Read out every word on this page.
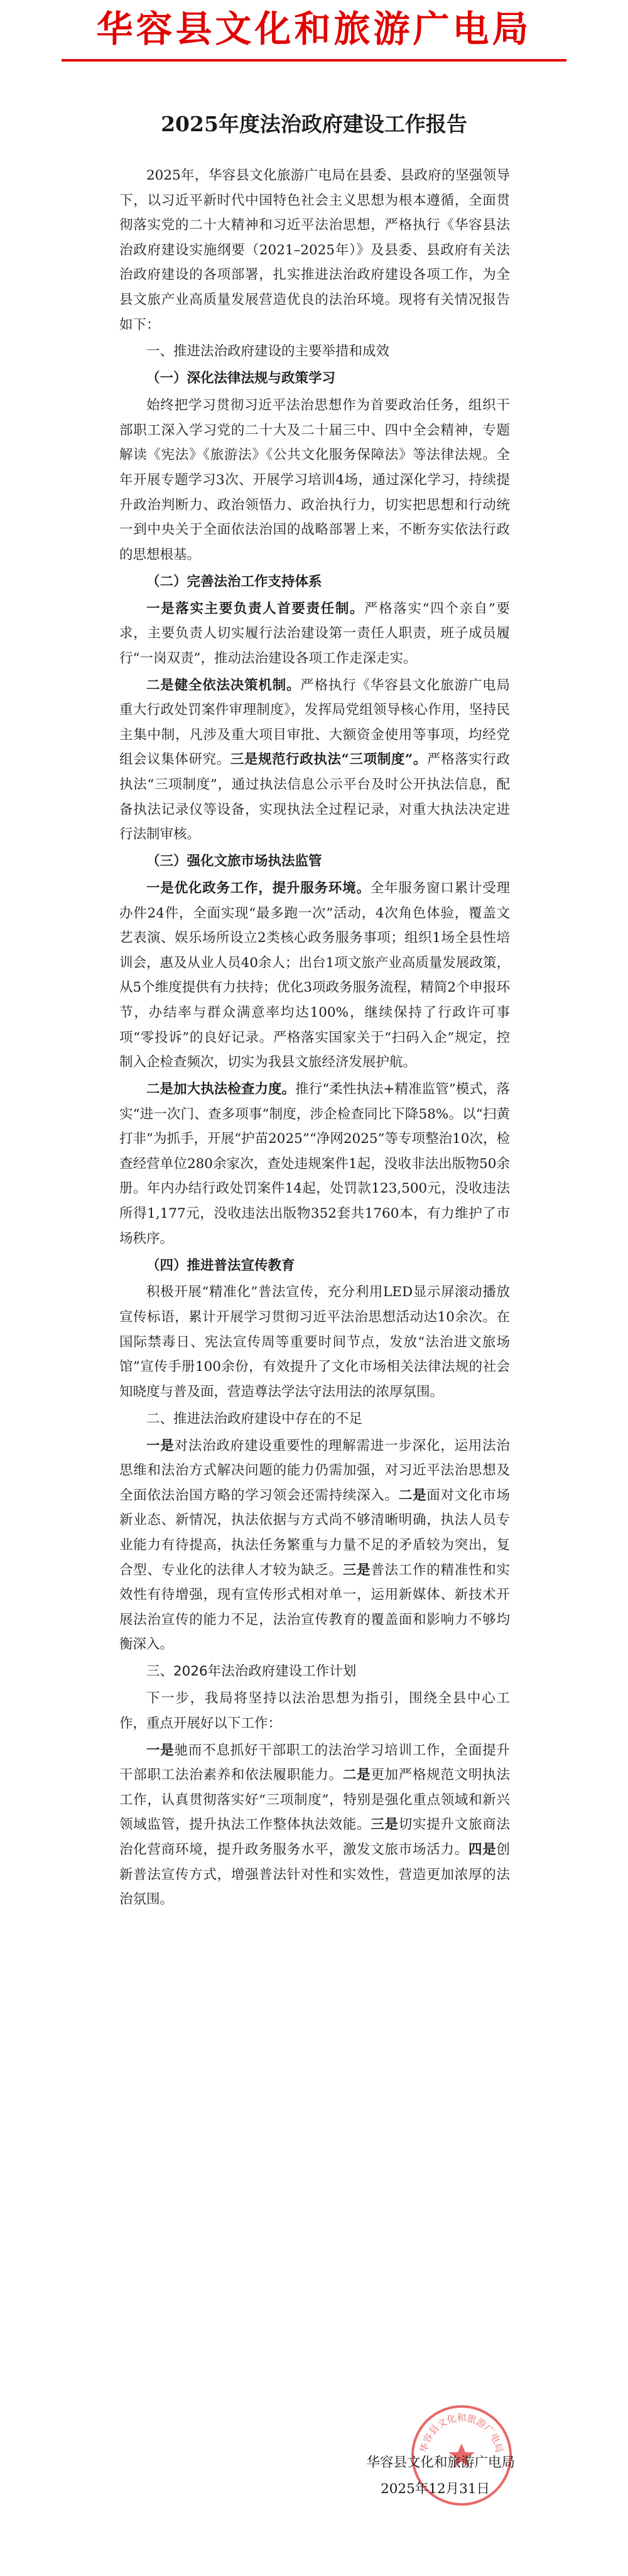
华容县文化和旅游广电局
2025年度法治政府建设工作报告

2025年，华容县文化旅游广电局在县委、县政府的坚强领导下，以习近平新时代中国特色社会主义思想为根本遵循，全面贯彻落实党的二十大精神和习近平法治思想，严格执行《华容县法治政府建设实施纲要（2021–2025年）》及县委、县政府有关法治政府建设的各项部署，扎实推进法治政府建设各项工作，为全县文旅产业高质量发展营造优良的法治环境。现将有关情况报告如下：

一、推进法治政府建设的主要举措和成效

（一）深化法律法规与政策学习

始终把学习贯彻习近平法治思想作为首要政治任务，组织干部职工深入学习党的二十大及二十届三中、四中全会精神，专题解读《宪法》《旅游法》《公共文化服务保障法》等法律法规。全年开展专题学习3次、开展学习培训4场，通过深化学习，持续提升政治判断力、政治领悟力、政治执行力，切实把思想和行动统一到中央关于全面依法治国的战略部署上来，不断夯实依法行政的思想根基。

（二）完善法治工作支持体系

一是落实主要负责人首要责任制。严格落实“四个亲自”要求，主要负责人切实履行法治建设第一责任人职责，班子成员履行“一岗双责”，推动法治建设各项工作走深走实。

二是健全依法决策机制。严格执行《华容县文化旅游广电局重大行政处罚案件审理制度》，发挥局党组领导核心作用，坚持民主集中制，凡涉及重大项目审批、大额资金使用等事项，均经党组会议集体研究。三是规范行政执法“三项制度”。严格落实行政执法“三项制度”，通过执法信息公示平台及时公开执法信息，配备执法记录仪等设备，实现执法全过程记录，对重大执法决定进行法制审核。

（三）强化文旅市场执法监管

一是优化政务工作，提升服务环境。全年服务窗口累计受理办件24件，全面实现“最多跑一次”活动，4次角色体验，覆盖文艺表演、娱乐场所设立2类核心政务服务事项；组织1场全县性培训会，惠及从业人员40余人；出台1项文旅产业高质量发展政策，从5个维度提供有力扶持；优化3项政务服务流程，精简2个申报环节，办结率与群众满意率均达100%，继续保持了行政许可事项“零投诉”的良好记录。严格落实国家关于“扫码入企”规定，控制入企检查频次，切实为我县文旅经济发展护航。

二是加大执法检查力度。推行“柔性执法+精准监管”模式，落实“进一次门、查多项事”制度，涉企检查同比下降58%。以“扫黄打非”为抓手，开展“护苗2025”“净网2025”等专项整治10次，检查经营单位280余家次，查处违规案件1起，没收非法出版物50余册。年内办结行政处罚案件14起，处罚款123,500元，没收违法所得1,177元，没收违法出版物352套共1760本，有力维护了市场秩序。

（四）推进普法宣传教育

积极开展“精准化”普法宣传，充分利用LED显示屏滚动播放宣传标语，累计开展学习贯彻习近平法治思想活动达10余次。在国际禁毒日、宪法宣传周等重要时间节点，发放“法治进文旅场馆”宣传手册100余份，有效提升了文化市场相关法律法规的社会知晓度与普及面，营造尊法学法守法用法的浓厚氛围。

二、推进法治政府建设中存在的不足

一是对法治政府建设重要性的理解需进一步深化，运用法治思维和法治方式解决问题的能力仍需加强，对习近平法治思想及全面依法治国方略的学习领会还需持续深入。二是面对文化市场新业态、新情况，执法依据与方式尚不够清晰明确，执法人员专业能力有待提高，执法任务繁重与力量不足的矛盾较为突出，复合型、专业化的法律人才较为缺乏。三是普法工作的精准性和实效性有待增强，现有宣传形式相对单一，运用新媒体、新技术开展法治宣传的能力不足，法治宣传教育的覆盖面和影响力不够均衡深入。

三、2026年法治政府建设工作计划

下一步，我局将坚持以法治思想为指引，围绕全县中心工作，重点开展好以下工作：

一是驰而不息抓好干部职工的法治学习培训工作，全面提升干部职工法治素养和依法履职能力。二是更加严格规范文明执法工作，认真贯彻落实好“三项制度”，特别是强化重点领域和新兴领域监管，提升执法工作整体执法效能。三是切实提升文旅商法治化营商环境，提升政务服务水平，激发文旅市场活力。四是创新普法宣传方式，增强普法针对性和实效性，营造更加浓厚的法治氛围。

华容县文化和旅游广电局
华容县文化和旅游广电局
2025年12月31日
